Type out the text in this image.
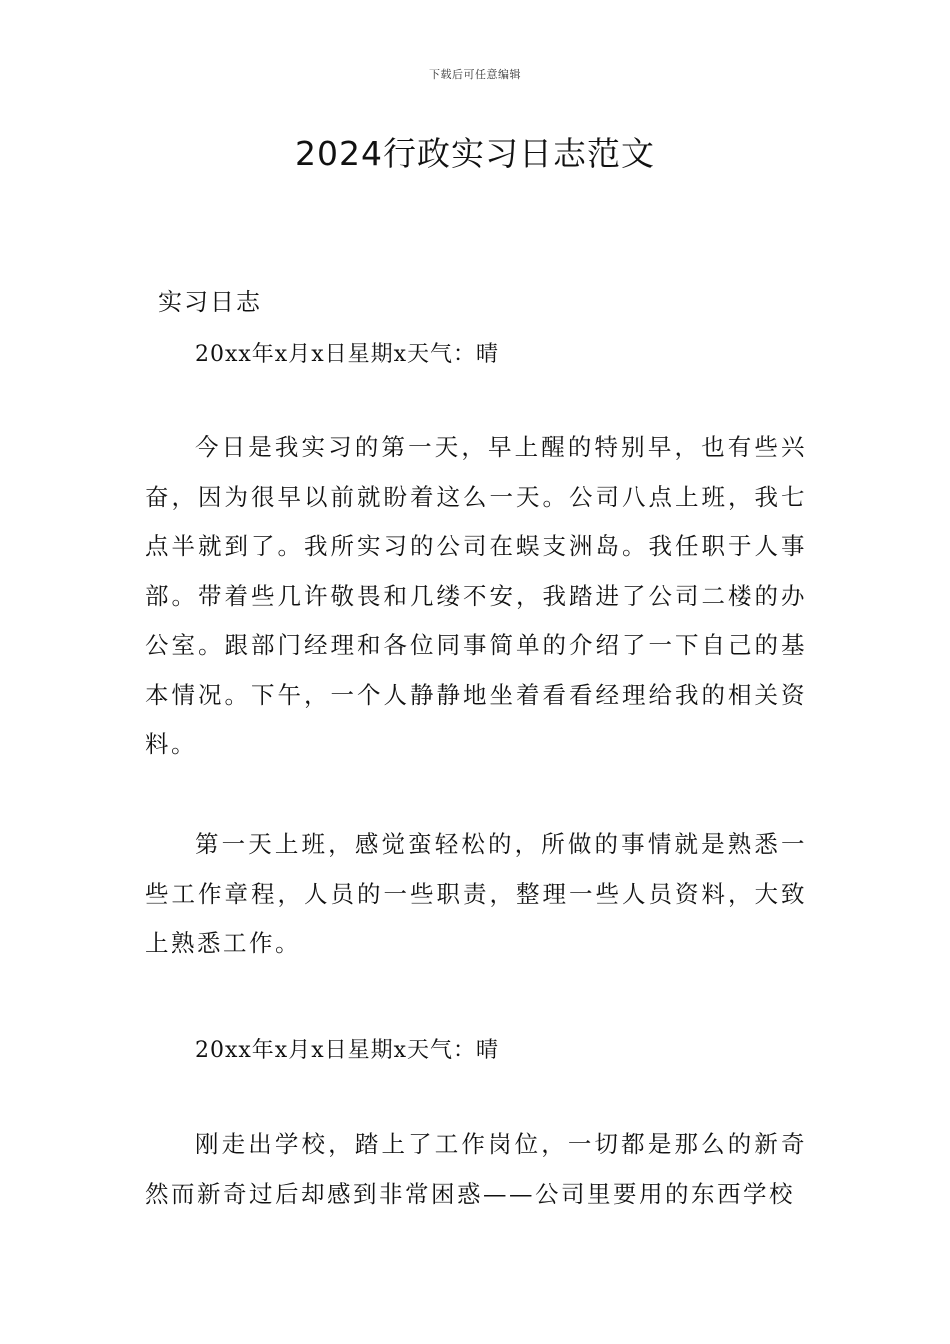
下载后可任意编辑
2024行政实习日志范文
实习日志
20xx年x月x日星期x天气：晴

今日是我实习的第一天，早上醒的特别早，也有些兴奋，因为很早以前就盼着这么一天。公司八点上班，我七点半就到了。我所实习的公司在蜈支洲岛。我任职于人事部。带着些几许敬畏和几缕不安，我踏进了公司二楼的办公室。跟部门经理和各位同事简单的介绍了一下自己的基本情况。下午，一个人静静地坐着看看经理给我的相关资料。

第一天上班，感觉蛮轻松的，所做的事情就是熟悉一些工作章程，人员的一些职责，整理一些人员资料，大致上熟悉工作。

20xx年x月x日星期x天气：晴

刚走出学校，踏上了工作岗位，一切都是那么的新奇然而新奇过后却感到非常困惑——公司里要用的东西学校
